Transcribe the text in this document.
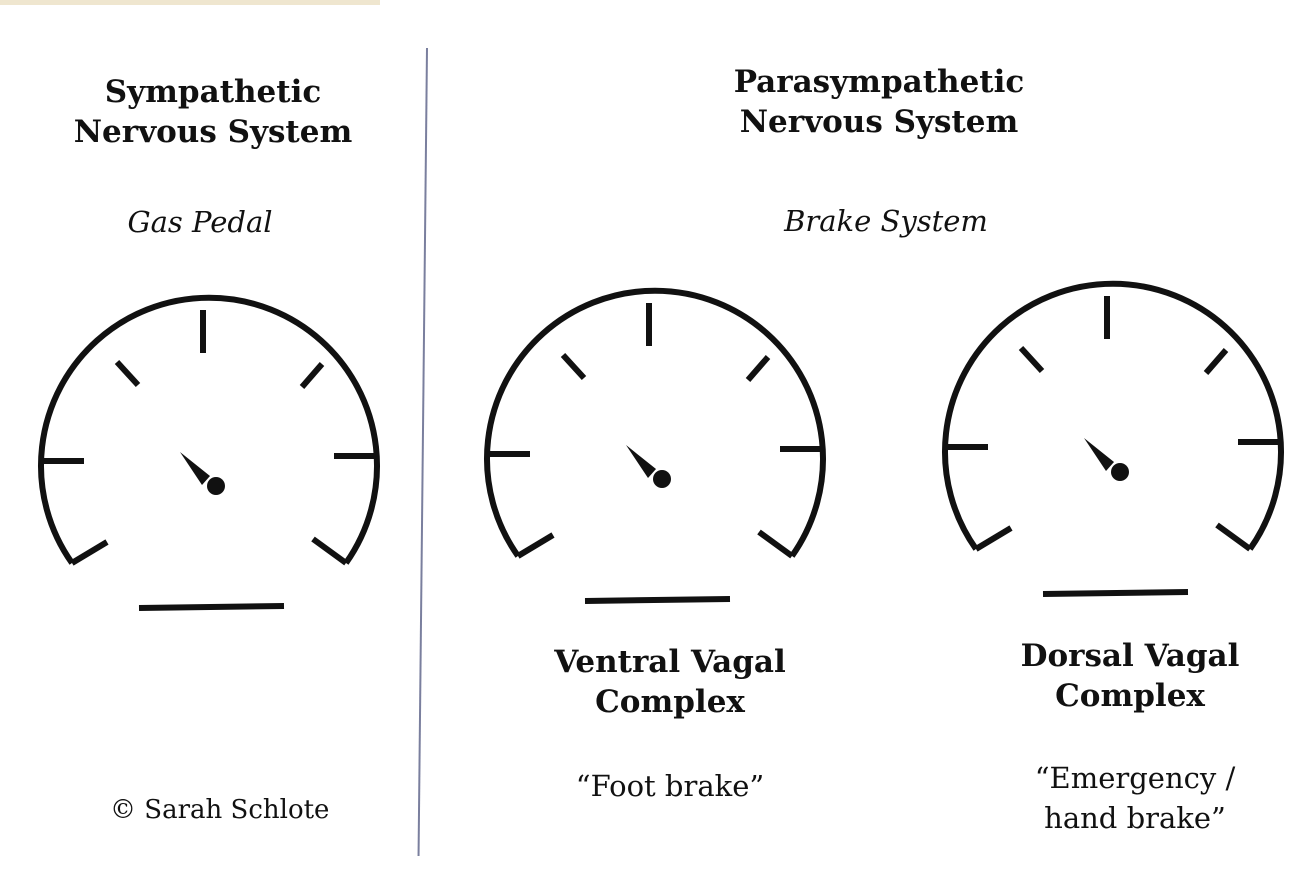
Sympathetic
Nervous System
Gas Pedal
© Sarah Schlote
Parasympathetic
Nervous System
Brake System
Ventral Vagal
Complex
“Foot brake”
Dorsal Vagal
Complex
“Emergency /
hand brake”
